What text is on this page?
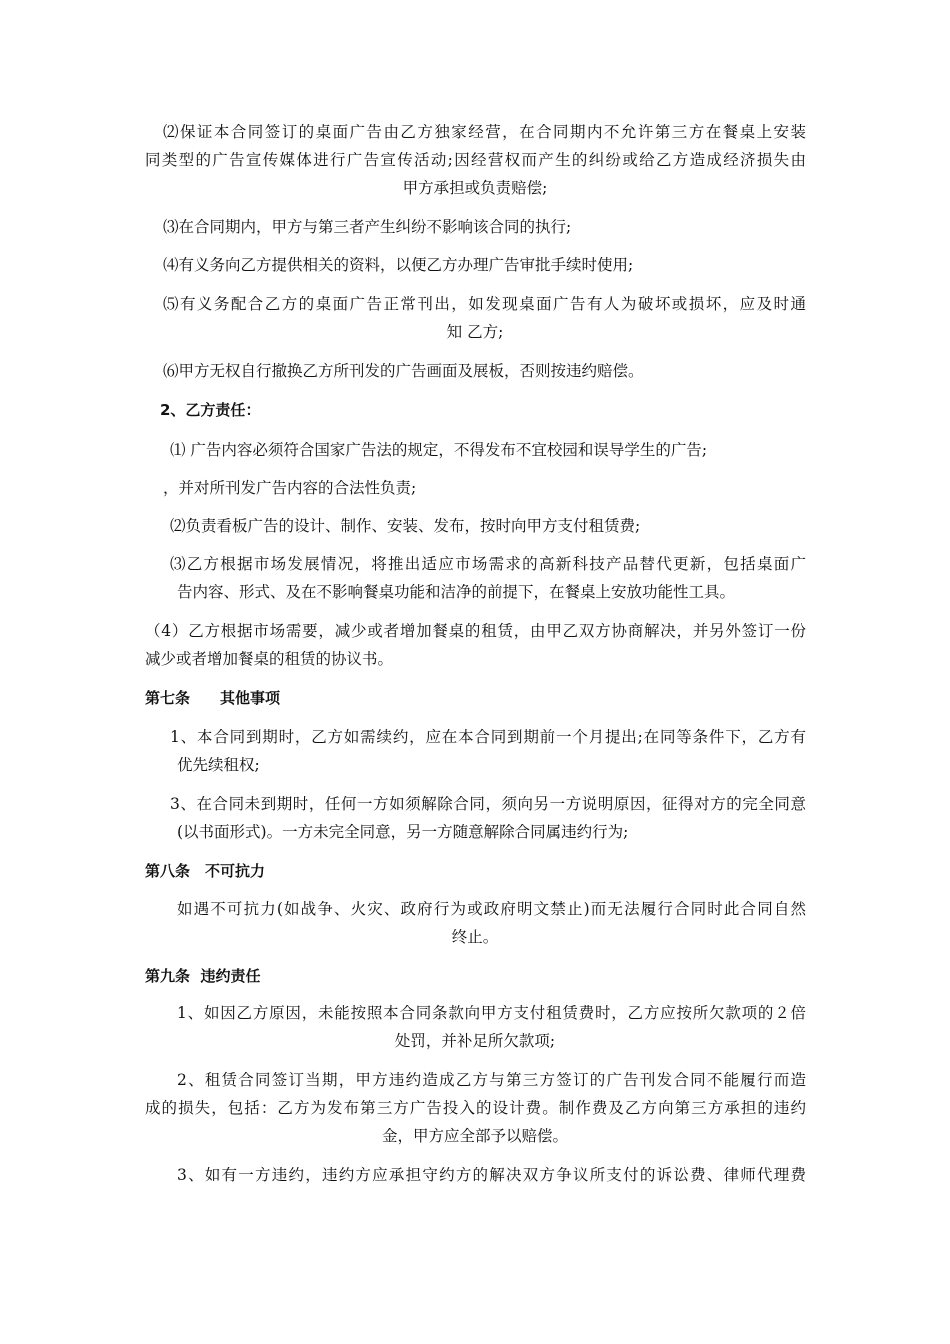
⑵保证本合同签订的桌面广告由乙方独家经营，在合同期内不允许第三方在餐桌上安装
同类型的广告宣传媒体进行广告宣传活动;因经营权而产生的纠纷或给乙方造成经济损失由
甲方承担或负责赔偿;
⑶在合同期内，甲方与第三者产生纠纷不影响该合同的执行;
⑷有义务向乙方提供相关的资料，以便乙方办理广告审批手续时使用;
⑸有义务配合乙方的桌面广告正常刊出，如发现桌面广告有人为破坏或损坏，应及时通
知 乙方;
⑹甲方无权自行撤换乙方所刊发的广告画面及展板，否则按违约赔偿。
2、乙方责任：
⑴ 广告内容必须符合国家广告法的规定，不得发布不宜校园和误导学生的广告;
，并对所刊发广告内容的合法性负责;
⑵负责看板广告的设计、制作、安装、发布，按时向甲方支付租赁费;
⑶乙方根据市场发展情况，将推出适应市场需求的高新科技产品替代更新，包括桌面广
告内容、形式、及在不影响餐桌功能和洁净的前提下，在餐桌上安放功能性工具。
（4）乙方根据市场需要，减少或者增加餐桌的租赁，由甲乙双方协商解决，并另外签订一份
减少或者增加餐桌的租赁的协议书。
第七条　　其他事项
1、本合同到期时，乙方如需续约，应在本合同到期前一个月提出;在同等条件下，乙方有
优先续租权;
3、在合同未到期时，任何一方如须解除合同，须向另一方说明原因，征得对方的完全同意
(以书面形式)。一方未完全同意，另一方随意解除合同属违约行为;
第八条　不可抗力
如遇不可抗力(如战争、火灾、政府行为或政府明文禁止)而无法履行合同时此合同自然
终止。
第九条  违约责任
1、如因乙方原因，未能按照本合同条款向甲方支付租赁费时，乙方应按所欠款项的２倍
处罚，并补足所欠款项;
2、租赁合同签订当期，甲方违约造成乙方与第三方签订的广告刊发合同不能履行而造
成的损失，包括：乙方为发布第三方广告投入的设计费。制作费及乙方向第三方承担的违约
金，甲方应全部予以赔偿。
3、如有一方违约，违约方应承担守约方的解决双方争议所支付的诉讼费、律师代理费
